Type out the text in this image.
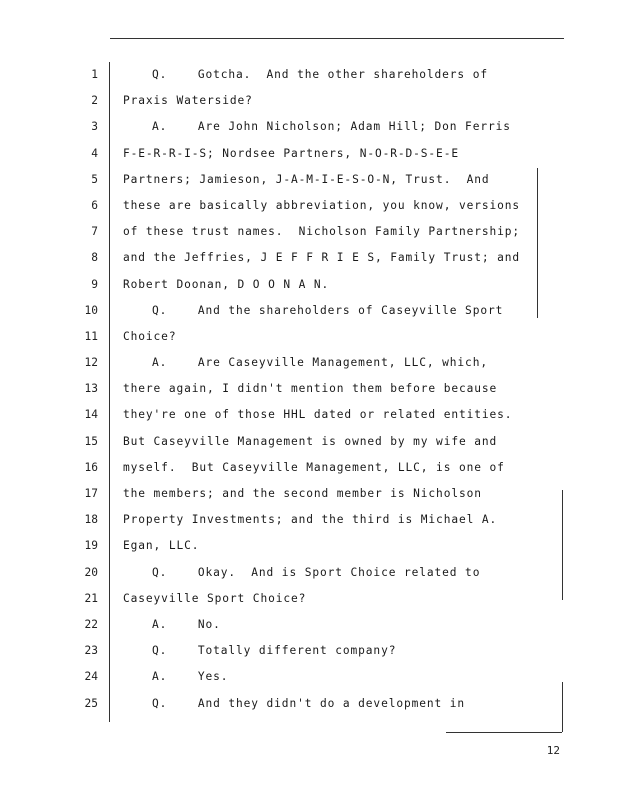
1	Q.    Gotcha.  And the other shareholders of
2 Praxis Waterside?
3	A.    Are John Nicholson; Adam Hill; Don Ferris
4 F-E-R-R-I-S; Nordsee Partners, N-O-R-D-S-E-E
5 Partners; Jamieson, J-A-M-I-E-S-O-N, Trust.  And
6 these are basically abbreviation, you know, versions
7 of these trust names.  Nicholson Family Partnership;
8 and the Jeffries, J E F F R I E S, Family Trust; and
9 Robert Doonan, D O O N A N.
10	Q.    And the shareholders of Caseyville Sport
11 Choice?
12	A.    Are Caseyville Management, LLC, which,
13 there again, I didn't mention them before because
14 they're one of those HHL dated or related entities.
15 But Caseyville Management is owned by my wife and
16 myself.  But Caseyville Management, LLC, is one of
17 the members; and the second member is Nicholson
18 Property Investments; and the third is Michael A.
19 Egan, LLC.
20	Q.    Okay.  And is Sport Choice related to
21 Caseyville Sport Choice?
22	A.    No.
23	Q.    Totally different company?
24	A.    Yes.
25	Q.    And they didn't do a development in
12
